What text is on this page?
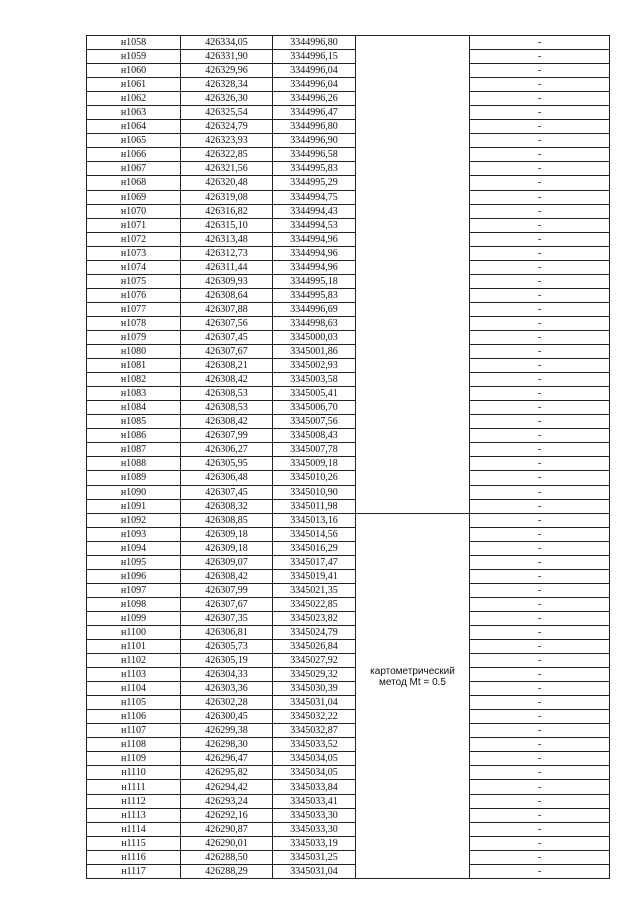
н1058	426334,05	3344996,80		-
н1059	426331,90	3344996,15		-
н1060	426329,96	3344996,04		-
н1061	426328,34	3344996,04		-
н1062	426326,30	3344996,26		-
н1063	426325,54	3344996,47		-
н1064	426324,79	3344996,80		-
н1065	426323,93	3344996,90		-
н1066	426322,85	3344996,58		-
н1067	426321,56	3344995,83		-
н1068	426320,48	3344995,29		-
н1069	426319,08	3344994,75		-
н1070	426316,82	3344994,43		-
н1071	426315,10	3344994,53		-
н1072	426313,48	3344994,96		-
н1073	426312,73	3344994,96		-
н1074	426311,44	3344994,96		-
н1075	426309,93	3344995,18		-
н1076	426308,64	3344995,83		-
н1077	426307,88	3344996,69		-
н1078	426307,56	3344998,63		-
н1079	426307,45	3345000,03		-
н1080	426307,67	3345001,86		-
н1081	426308,21	3345002,93		-
н1082	426308,42	3345003,58		-
н1083	426308,53	3345005,41		-
н1084	426308,53	3345006,70		-
н1085	426308,42	3345007,56		-
н1086	426307,99	3345008,43		-
н1087	426306,27	3345007,78		-
н1088	426305,95	3345009,18		-
н1089	426306,48	3345010,26		-
н1090	426307,45	3345010,90		-
н1091	426308,32	3345011,98		-
н1092	426308,85	3345013,16	картометрический
метод Mt = 0.5	-
н1093	426309,18	3345014,56		-
н1094	426309,18	3345016,29		-
н1095	426309,07	3345017,47		-
н1096	426308,42	3345019,41		-
н1097	426307,99	3345021,35		-
н1098	426307,67	3345022,85		-
н1099	426307,35	3345023,82		-
н1100	426306,81	3345024,79		-
н1101	426305,73	3345026,84		-
н1102	426305,19	3345027,92		-
н1103	426304,33	3345029,32		-
н1104	426303,36	3345030,39		-
н1105	426302,28	3345031,04		-
н1106	426300,45	3345032,22		-
н1107	426299,38	3345032,87		-
н1108	426298,30	3345033,52		-
н1109	426296,47	3345034,05		-
н1110	426295,82	3345034,05		-
н1111	426294,42	3345033,84		-
н1112	426293,24	3345033,41		-
н1113	426292,16	3345033,30		-
н1114	426290,87	3345033,30		-
н1115	426290,01	3345033,19		-
н1116	426288,50	3345031,25		-
н1117	426288,29	3345031,04		-
